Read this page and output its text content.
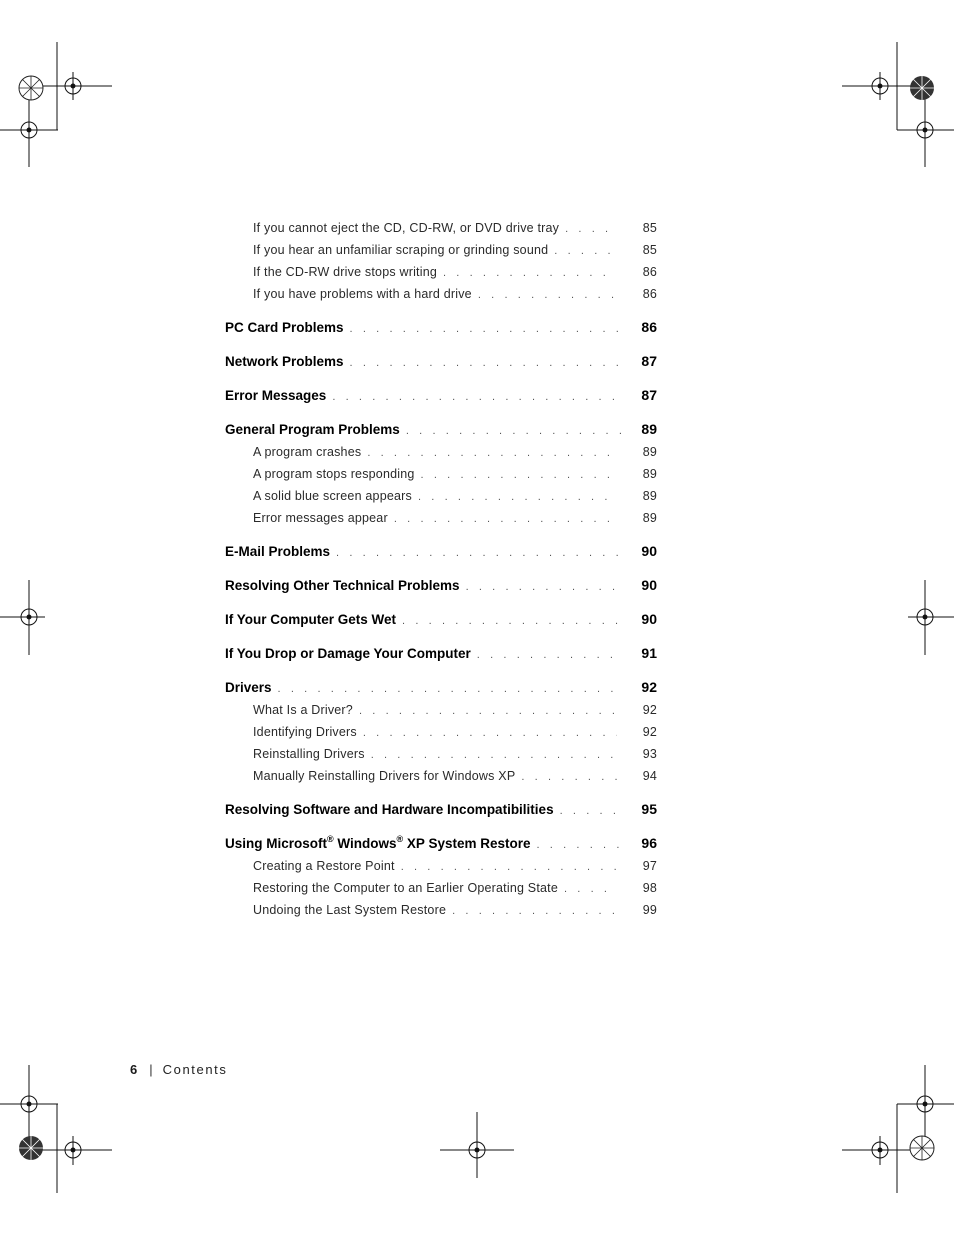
If you cannot eject the CD, CD-RW, or DVD drive tray . . .	85
If you hear an unfamiliar scraping or grinding sound . . .	85
If the CD-RW drive stops writing . . .	86
If you have problems with a hard drive . . .	86
PC Card Problems . . .	86
Network Problems . . .	87
Error Messages . . .	87
General Program Problems . . .	89
A program crashes . . .	89
A program stops responding . . .	89
A solid blue screen appears . . .	89
Error messages appear . . .	89
E-Mail Problems . . .	90
Resolving Other Technical Problems . . .	90
If Your Computer Gets Wet . . .	90
If You Drop or Damage Your Computer . . .	91
Drivers . . .	92
What Is a Driver? . . .	92
Identifying Drivers . . .	92
Reinstalling Drivers . . .	93
Manually Reinstalling Drivers for Windows XP . . .	94
Resolving Software and Hardware Incompatibilities . . .	95
Using Microsoft® Windows® XP System Restore . . .	96
Creating a Restore Point . . .	97
Restoring the Computer to an Earlier Operating State . . .	98
Undoing the Last System Restore . . .	99
6 | Contents
